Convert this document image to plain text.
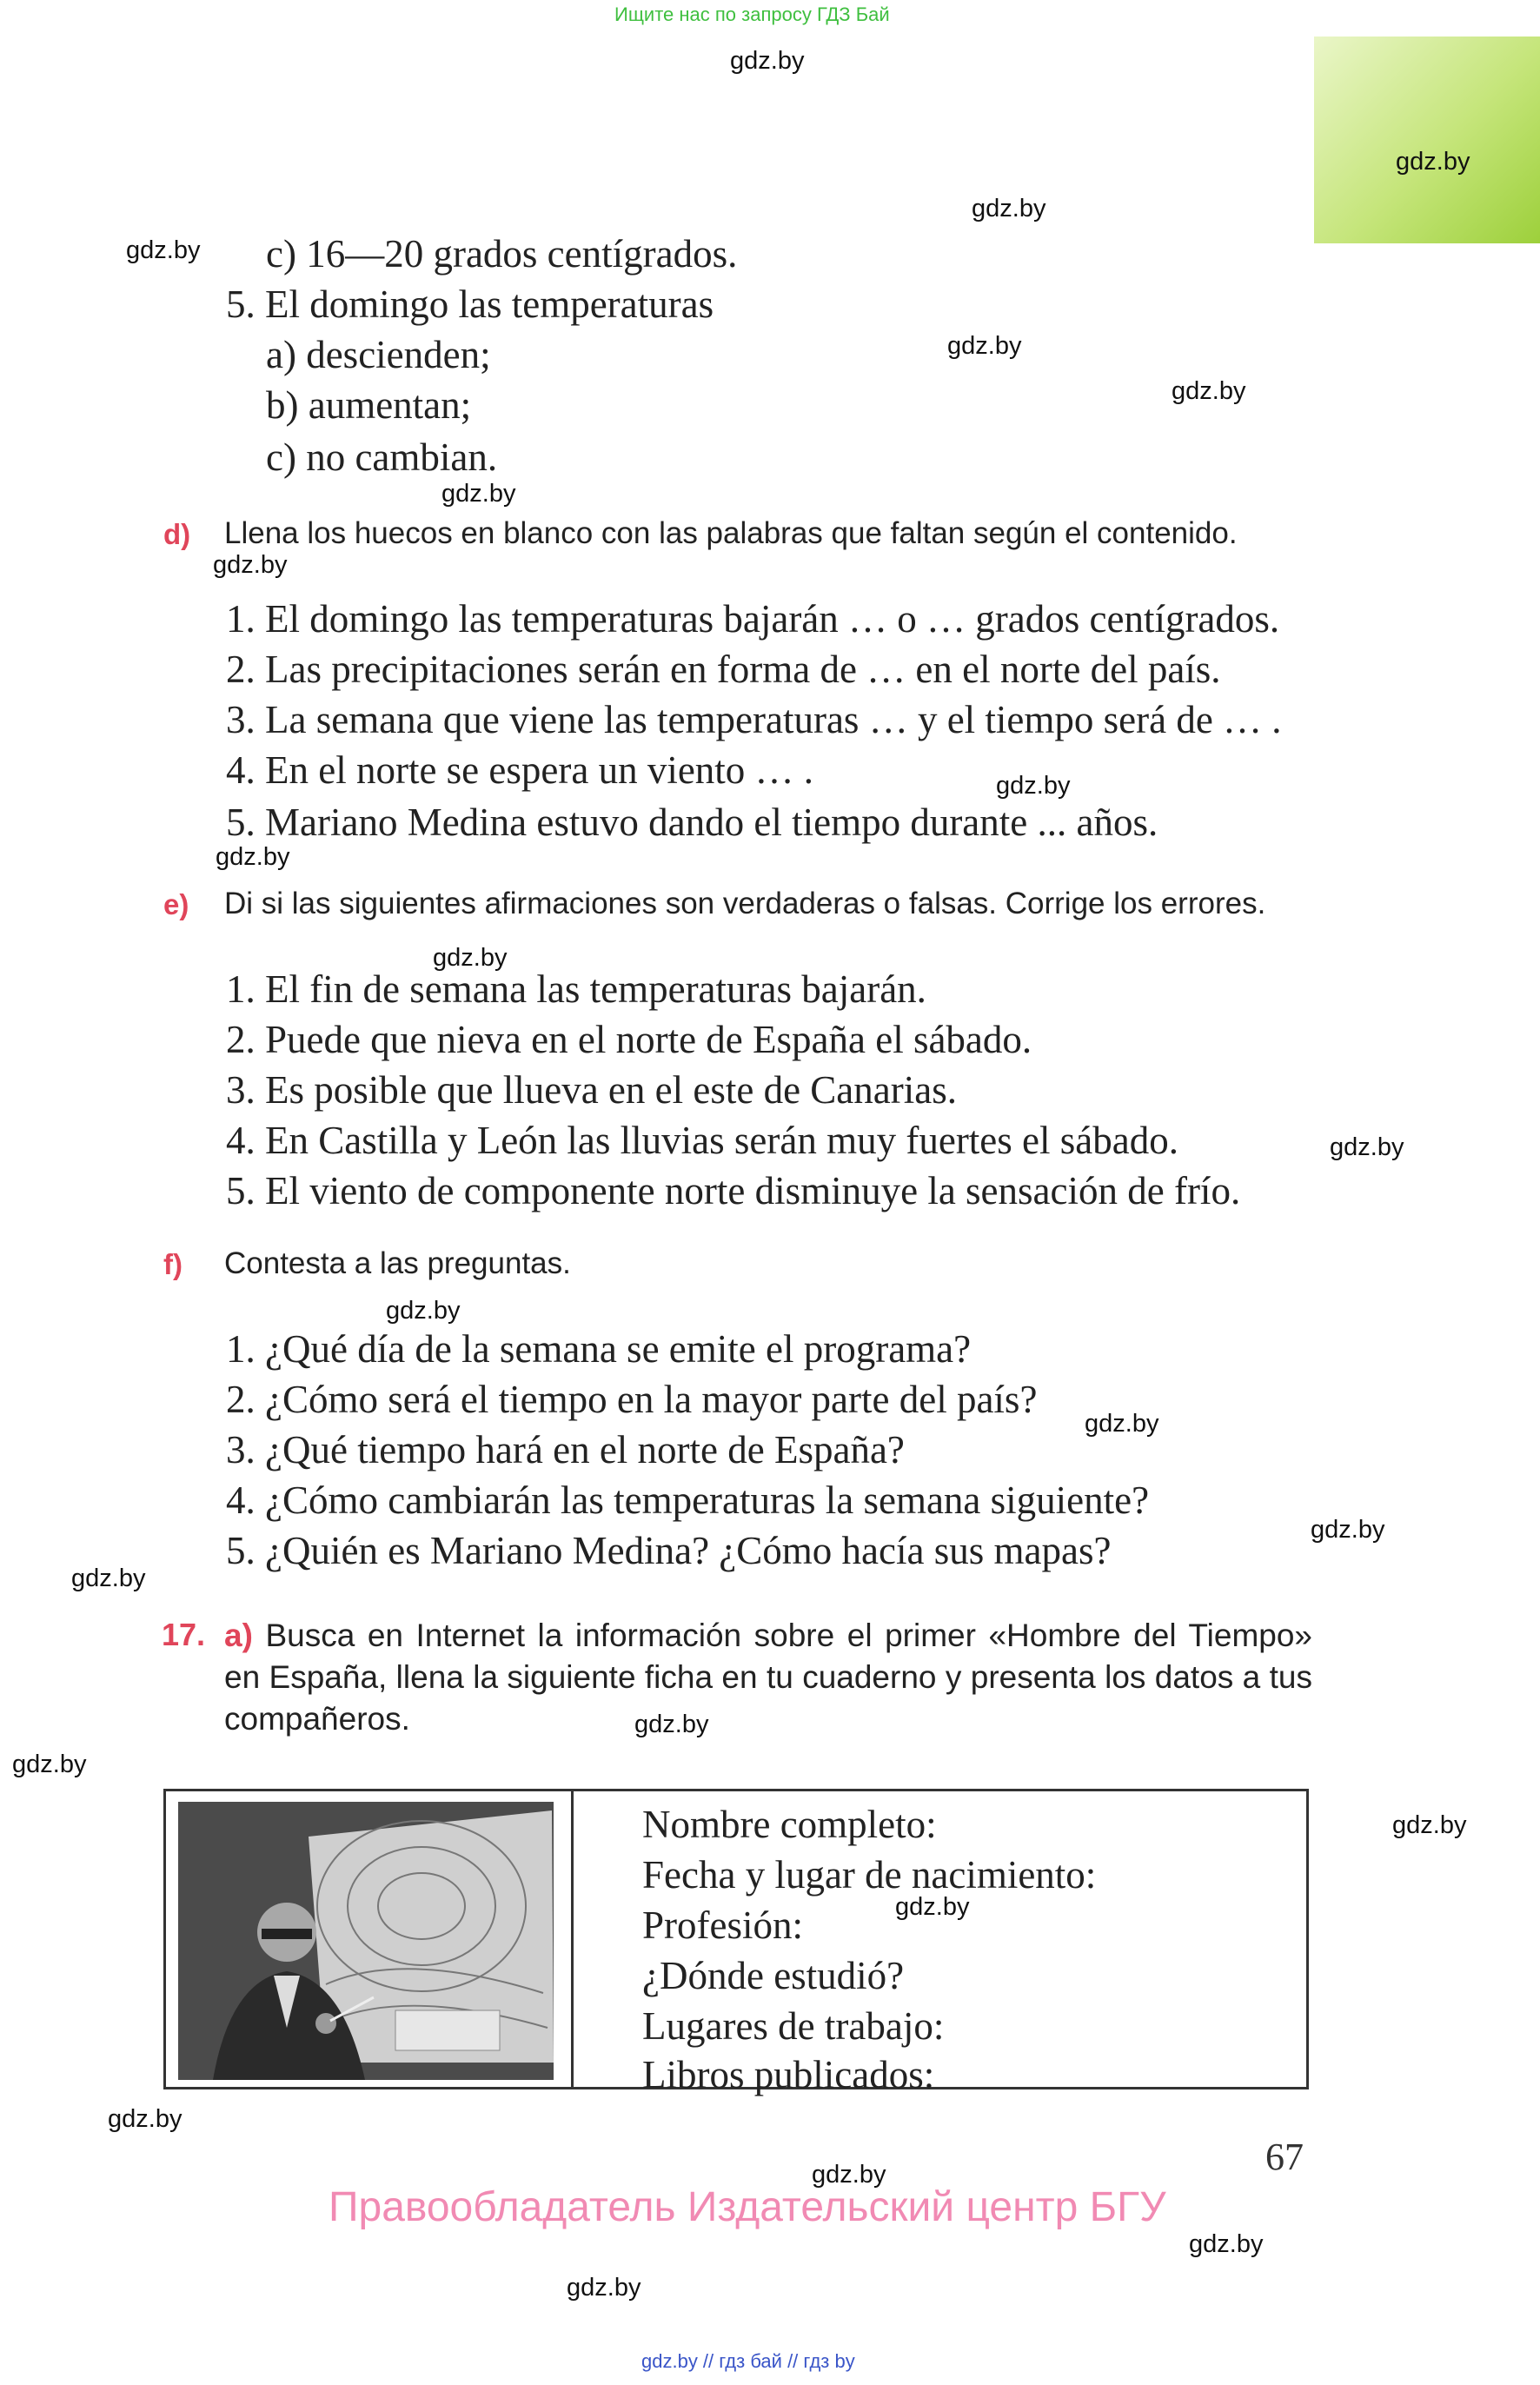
Ищите нас по запросу ГДЗ Бай
gdz.by
gdz.by
gdz.by
gdz.by
gdz.by
gdz.by
gdz.by
gdz.by
gdz.by
gdz.by
gdz.by
gdz.by
gdz.by
gdz.by
gdz.by
gdz.by
gdz.by
gdz.by
gdz.by
gdz.by
gdz.by
gdz.by
gdz.by
gdz.by
c) 16—20 grados centígrados.
5. El domingo las temperaturas
a) descienden;
b) aumentan;
c) no cambian.
d) Llena los huecos en blanco con las palabras que faltan según el contenido.
1. El domingo las temperaturas bajarán … o … grados centígrados.
2. Las precipitaciones serán en forma de … en el norte del país.
3. La semana que viene las temperaturas … y el tiempo será de … .
4. En el norte se espera un viento … .
5. Mariano Medina estuvo dando el tiempo durante ... años.
e) Di si las siguientes afirmaciones son verdaderas o falsas. Corrige los errores.
1. El fin de semana las temperaturas bajarán.
2. Puede que nieva en el norte de España el sábado.
3. Es posible que llueva en el este de Canarias.
4. En Castilla y León las lluvias serán muy fuertes el sábado.
5. El viento de componente norte disminuye la sensación de frío.
f) Contesta a las preguntas.
1. ¿Qué día de la semana se emite el programa?
2. ¿Cómo será el tiempo en la mayor parte del país?
3. ¿Qué tiempo hará en el norte de España?
4. ¿Cómo cambiarán las temperaturas la semana siguiente?
5. ¿Quién es Mariano Medina? ¿Cómo hacía sus mapas?
17. a) Busca en Internet la información sobre el primer «Hombre del Tiempo» en España, llena la siguiente ficha en tu cuaderno y presenta los datos a tus compañeros.
Nombre completo:
Fecha y lugar de nacimiento:
Profesión:
¿Dónde estudió?
Lugares de trabajo:
Libros publicados:
67
Правообладатель Издательский центр БГУ
gdz.by // гдз бай // гдз by
